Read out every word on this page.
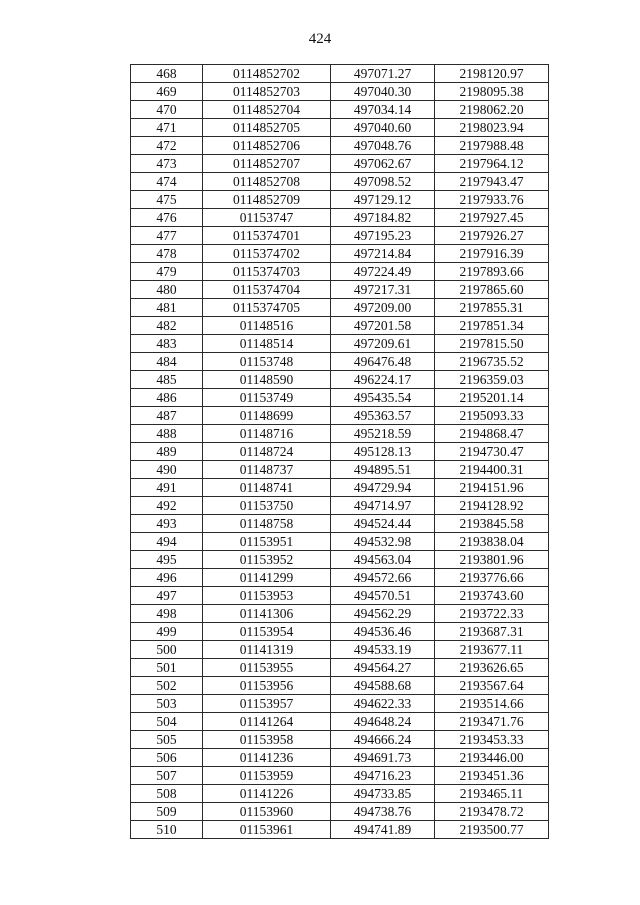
424
468	0114852702	497071.27	2198120.97
469	0114852703	497040.30	2198095.38
470	0114852704	497034.14	2198062.20
471	0114852705	497040.60	2198023.94
472	0114852706	497048.76	2197988.48
473	0114852707	497062.67	2197964.12
474	0114852708	497098.52	2197943.47
475	0114852709	497129.12	2197933.76
476	01153747	497184.82	2197927.45
477	0115374701	497195.23	2197926.27
478	0115374702	497214.84	2197916.39
479	0115374703	497224.49	2197893.66
480	0115374704	497217.31	2197865.60
481	0115374705	497209.00	2197855.31
482	01148516	497201.58	2197851.34
483	01148514	497209.61	2197815.50
484	01153748	496476.48	2196735.52
485	01148590	496224.17	2196359.03
486	01153749	495435.54	2195201.14
487	01148699	495363.57	2195093.33
488	01148716	495218.59	2194868.47
489	01148724	495128.13	2194730.47
490	01148737	494895.51	2194400.31
491	01148741	494729.94	2194151.96
492	01153750	494714.97	2194128.92
493	01148758	494524.44	2193845.58
494	01153951	494532.98	2193838.04
495	01153952	494563.04	2193801.96
496	01141299	494572.66	2193776.66
497	01153953	494570.51	2193743.60
498	01141306	494562.29	2193722.33
499	01153954	494536.46	2193687.31
500	01141319	494533.19	2193677.11
501	01153955	494564.27	2193626.65
502	01153956	494588.68	2193567.64
503	01153957	494622.33	2193514.66
504	01141264	494648.24	2193471.76
505	01153958	494666.24	2193453.33
506	01141236	494691.73	2193446.00
507	01153959	494716.23	2193451.36
508	01141226	494733.85	2193465.11
509	01153960	494738.76	2193478.72
510	01153961	494741.89	2193500.77
